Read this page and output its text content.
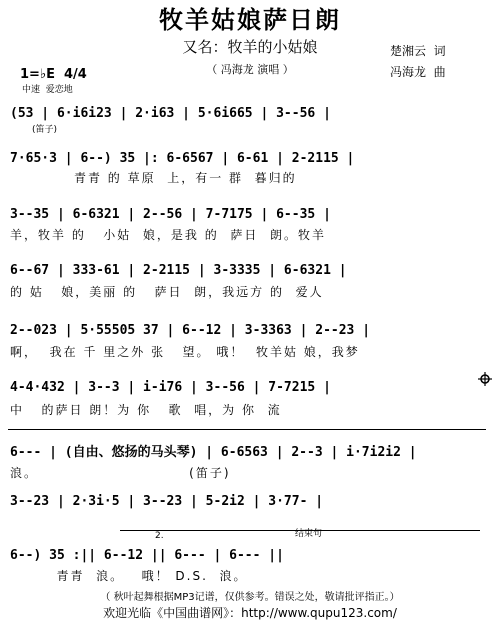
牧羊姑娘萨日朗
又名：牧羊的小姑娘
（ 冯海龙 演唱 ）
楚湘云  词
冯海龙  曲
1=♭E  4/4
中速  爱恋地
(53 | 6·i6i23 | 2·i63 | 5·6i665 | 3--56 |
(笛子)
7·65·3 | 6--) 35 |: 6-6567 | 6-61 | 2-2115 |
青青 的 草原  上，有一 群  暮归的
3--35 | 6-6321 | 2--56 | 7-7175 | 6--35 |
羊，牧羊 的   小姑  娘，是我 的  萨日  朗。牧羊
6--67 | 333-61 | 2-2115 | 3-3335 | 6-6321 |
的 姑   娘，美丽 的   萨日  朗，我远方 的  爱人
2--023 | 5·55505 37 | 6--12 | 3-3363 | 2--23 |
啊，  我在 千 里之外 张   望。 哦！  牧羊姑 娘，我梦
4-4·432 | 3--3 | i-i76 | 3--56 | 7-7215 |
中   的萨日 朗！为 你   歌  唱，为 你  流
6--- | (自由、悠扬的马头琴) | 6-6563 | 2--3 | i·7i2i2 |
浪。                          (笛子)
3--23 | 2·3i·5 | 3--23 | 5-2i2 | 3·77- |
2.	结束句
6--) 35 :|| 6--12 || 6--- | 6--- ||
青青  浪。   哦！ D.S.  浪。
（ 秋叶起舞根据MP3记谱，仅供参考。错误之处，敬请批评指正。）
欢迎光临《中国曲谱网》：http://www.qupu123.com/
